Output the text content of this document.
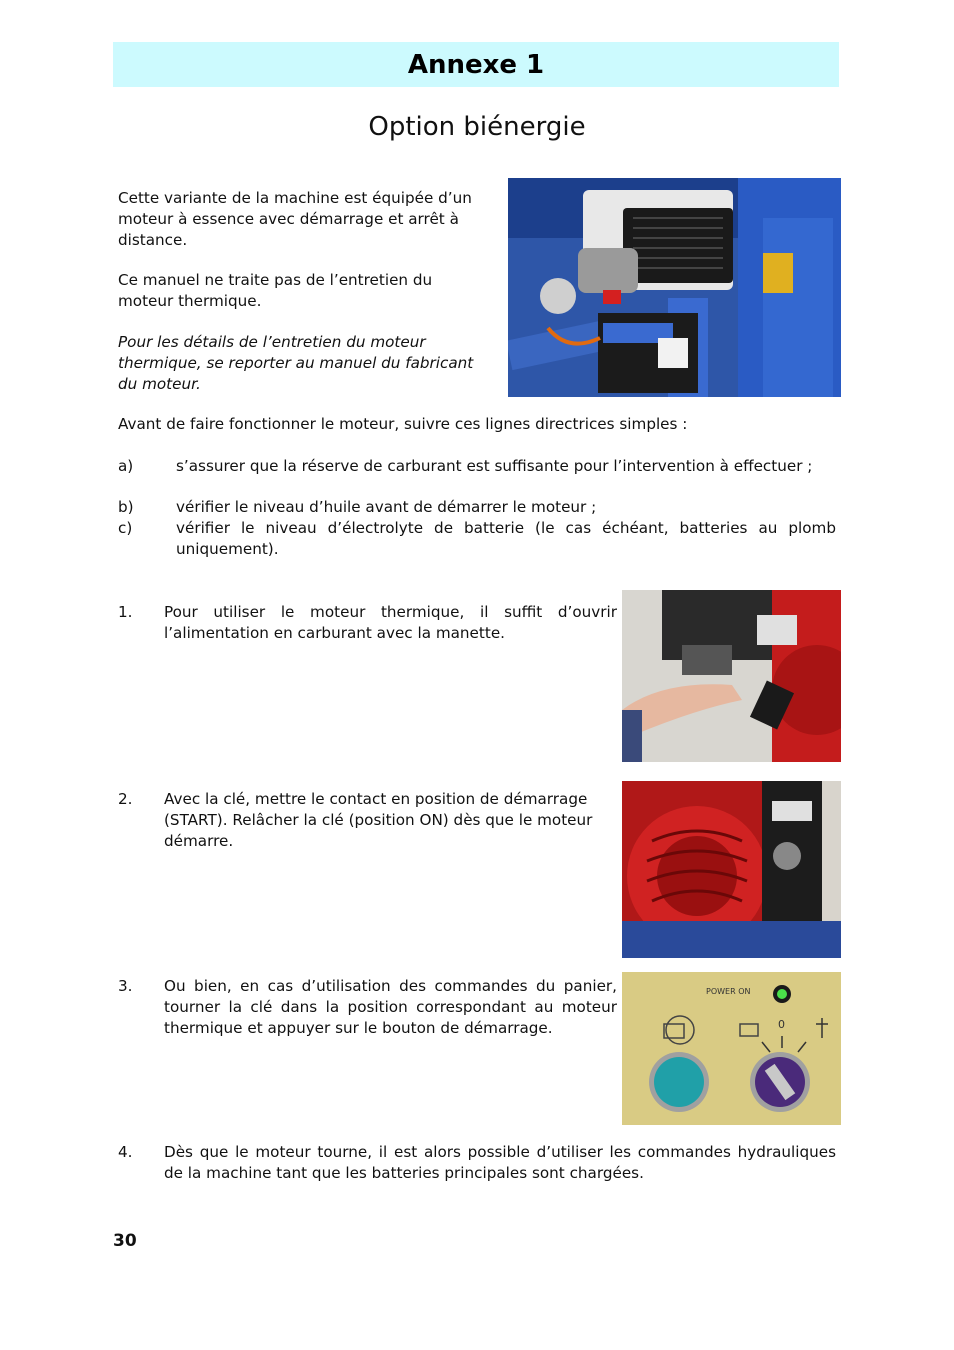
Annexe 1
Option biénergie
Cette variante de la machine est équipée d’un moteur à essence avec démarrage et arrêt à distance.
Ce manuel ne traite pas de l’entretien du moteur thermique.
Pour les détails de l’entretien du moteur thermique, se reporter au manuel du fabricant du moteur.
Avant de faire fonctionner le moteur, suivre ces lignes directrices simples :
a)	s’assurer que la réserve de carburant est suffisante pour l’intervention à effectuer ;
b)	vérifier le niveau d’huile avant de démarrer le moteur ;
c)	vérifier le niveau d’électrolyte de batterie (le cas échéant, batteries au plomb uniquement).
1. Pour utiliser le moteur thermique, il suffit d’ouvrir l’alimentation en carburant avec la manette.
2. Avec la clé, mettre le contact en position de démarrage (START). Relâcher la clé (position ON) dès que le moteur démarre.
3. Ou bien, en cas d’utilisation des commandes du panier, tourner la clé dans la position correspondant au moteur thermique et appuyer sur le bouton de démarrage.
POWER ON
0
4. Dès que le moteur tourne, il est alors possible d’utiliser les commandes hydrauliques de la machine tant que les batteries principales sont chargées.
30
